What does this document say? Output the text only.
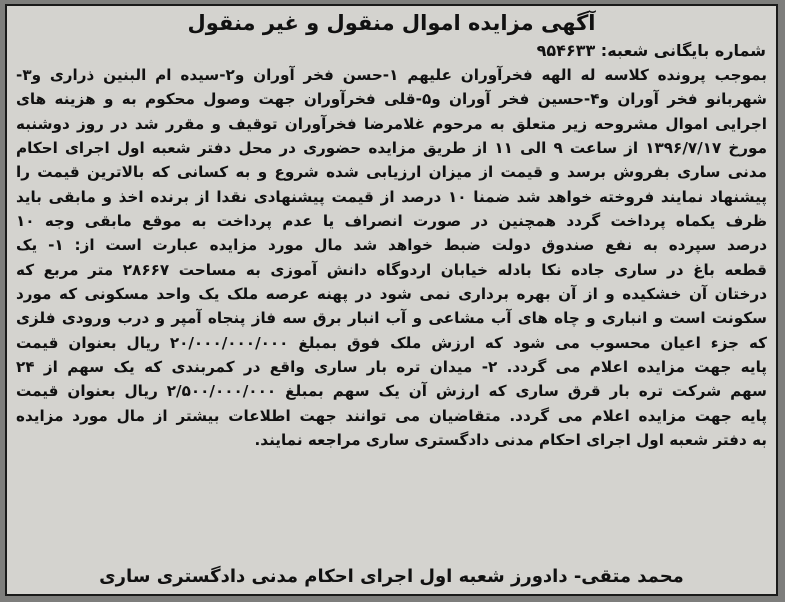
آگهی مزایده اموال منقول و غیر منقول
شماره بایگانی شعبه: ۹۵۴۶۳۳
بموجب پرونده کلاسه له الهه فخرآوران علیهم ۱-حسن فخر آوران و۲-سیده ام البنین ذراری و۳-
شهربانو فخر آوران و۴-حسین فخر آوران و۵-قلی فخرآوران جهت وصول محکوم به و هزینه های
اجرایی اموال مشروحه زیر متعلق به مرحوم غلامرضا فخرآوران توقیف و مقرر شد در روز دوشنبه
مورخ ۱۳۹۶/۷/۱۷ از ساعت ۹ الی ۱۱ از طریق مزایده حضوری در محل دفتر شعبه اول اجرای احکام
مدنی ساری بفروش برسد و قیمت از میزان ارزیابی شده شروع و به کسانی که بالاترین قیمت را
پیشنهاد نمایند فروخته خواهد شد ضمنا ۱۰ درصد از قیمت پیشنهادی نقدا از برنده اخذ و مابقی باید
ظرف یکماه پرداخت گردد همچنین در صورت انصراف یا عدم پرداخت به موقع مابقی وجه ۱۰
درصد سپرده به نفع صندوق دولت ضبط خواهد شد مال مورد مزایده عبارت است از: ۱- یک
قطعه باغ در ساری جاده نکا بادله خیابان اردوگاه دانش آموزی به مساحت ۲۸۶۶۷ متر مربع که
درختان آن خشکیده و از آن بهره برداری نمی شود در پهنه عرصه ملک یک واحد مسکونی که مورد
سکونت است و انباری و چاه های آب مشاعی و آب انبار برق سه فاز پنجاه آمپر و درب ورودی فلزی
که جزء اعیان محسوب می شود که ارزش ملک فوق بمبلغ ۲۰/۰۰۰/۰۰۰/۰۰۰ ریال بعنوان قیمت
پایه جهت مزایده اعلام می گردد. ۲- میدان تره بار ساری واقع در کمربندی که یک سهم از ۲۴
سهم شرکت تره بار قرق ساری که ارزش آن یک سهم بمبلغ ۲/۵۰۰/۰۰۰/۰۰۰ ریال بعنوان قیمت
پایه جهت مزایده اعلام می گردد. متقاضیان می توانند جهت اطلاعات بیشتر از مال مورد مزایده
به دفتر شعبه اول اجرای احکام مدنی دادگستری ساری مراجعه نمایند.
محمد متقی- دادورز شعبه اول اجرای احکام مدنی دادگستری ساری
